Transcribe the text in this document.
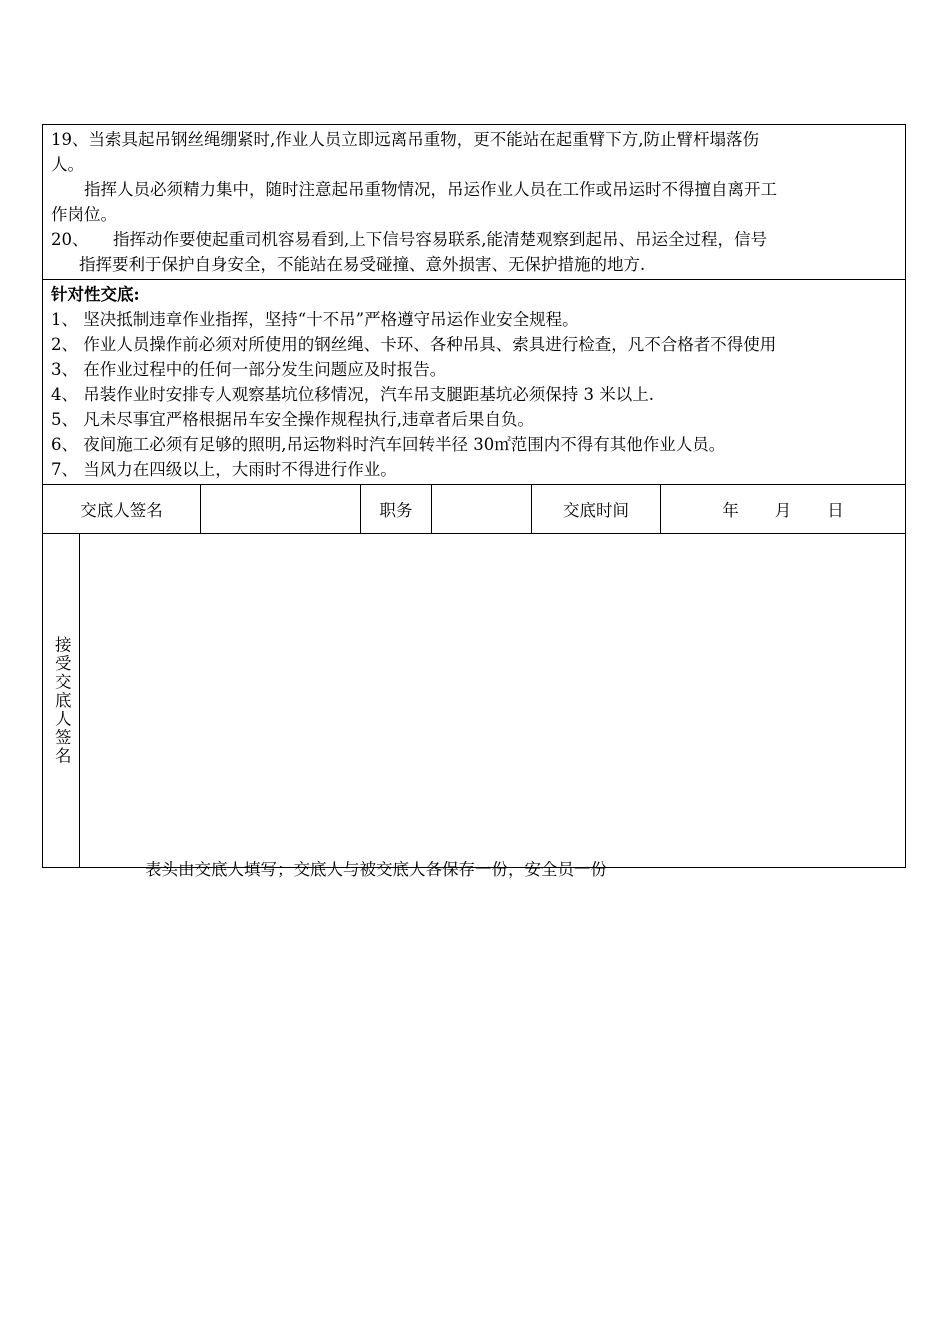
19、当索具起吊钢丝绳绷紧时,作业人员立即远离吊重物，更不能站在起重臂下方,防止臂杆塌落伤

人。

指挥人员必须精力集中，随时注意起吊重物情况，吊运作业人员在工作或吊运时不得擅自离开工

作岗位。

20、	指挥动作要使起重司机容易看到,上下信号容易联系,能清楚观察到起吊、吊运全过程，信号

指挥要利于保护自身安全，不能站在易受碰撞、意外损害、无保护措施的地方.

针对性交底:

1、 坚决抵制违章作业指挥，坚持“十不吊”严格遵守吊运作业安全规程。

2、 作业人员操作前必须对所使用的钢丝绳、卡环、各种吊具、索具进行检查，凡不合格者不得使用

3、 在作业过程中的任何一部分发生问题应及时报告。

4、 吊装作业时安排专人观察基坑位移情况，汽车吊支腿距基坑必须保持 3 米以上.

5、 凡未尽事宜严格根据吊车安全操作规程执行,违章者后果自负。

6、 夜间施工必须有足够的照明,吊运物料时汽车回转半径 30㎡范围内不得有其他作业人员。

7、 当风力在四级以上，大雨时不得进行作业。

交底人签名	职务	交底时间	年 月 日
接受交底人签名
表头由交底人填写；交底人与被交底人各保存一份，安全员一份
